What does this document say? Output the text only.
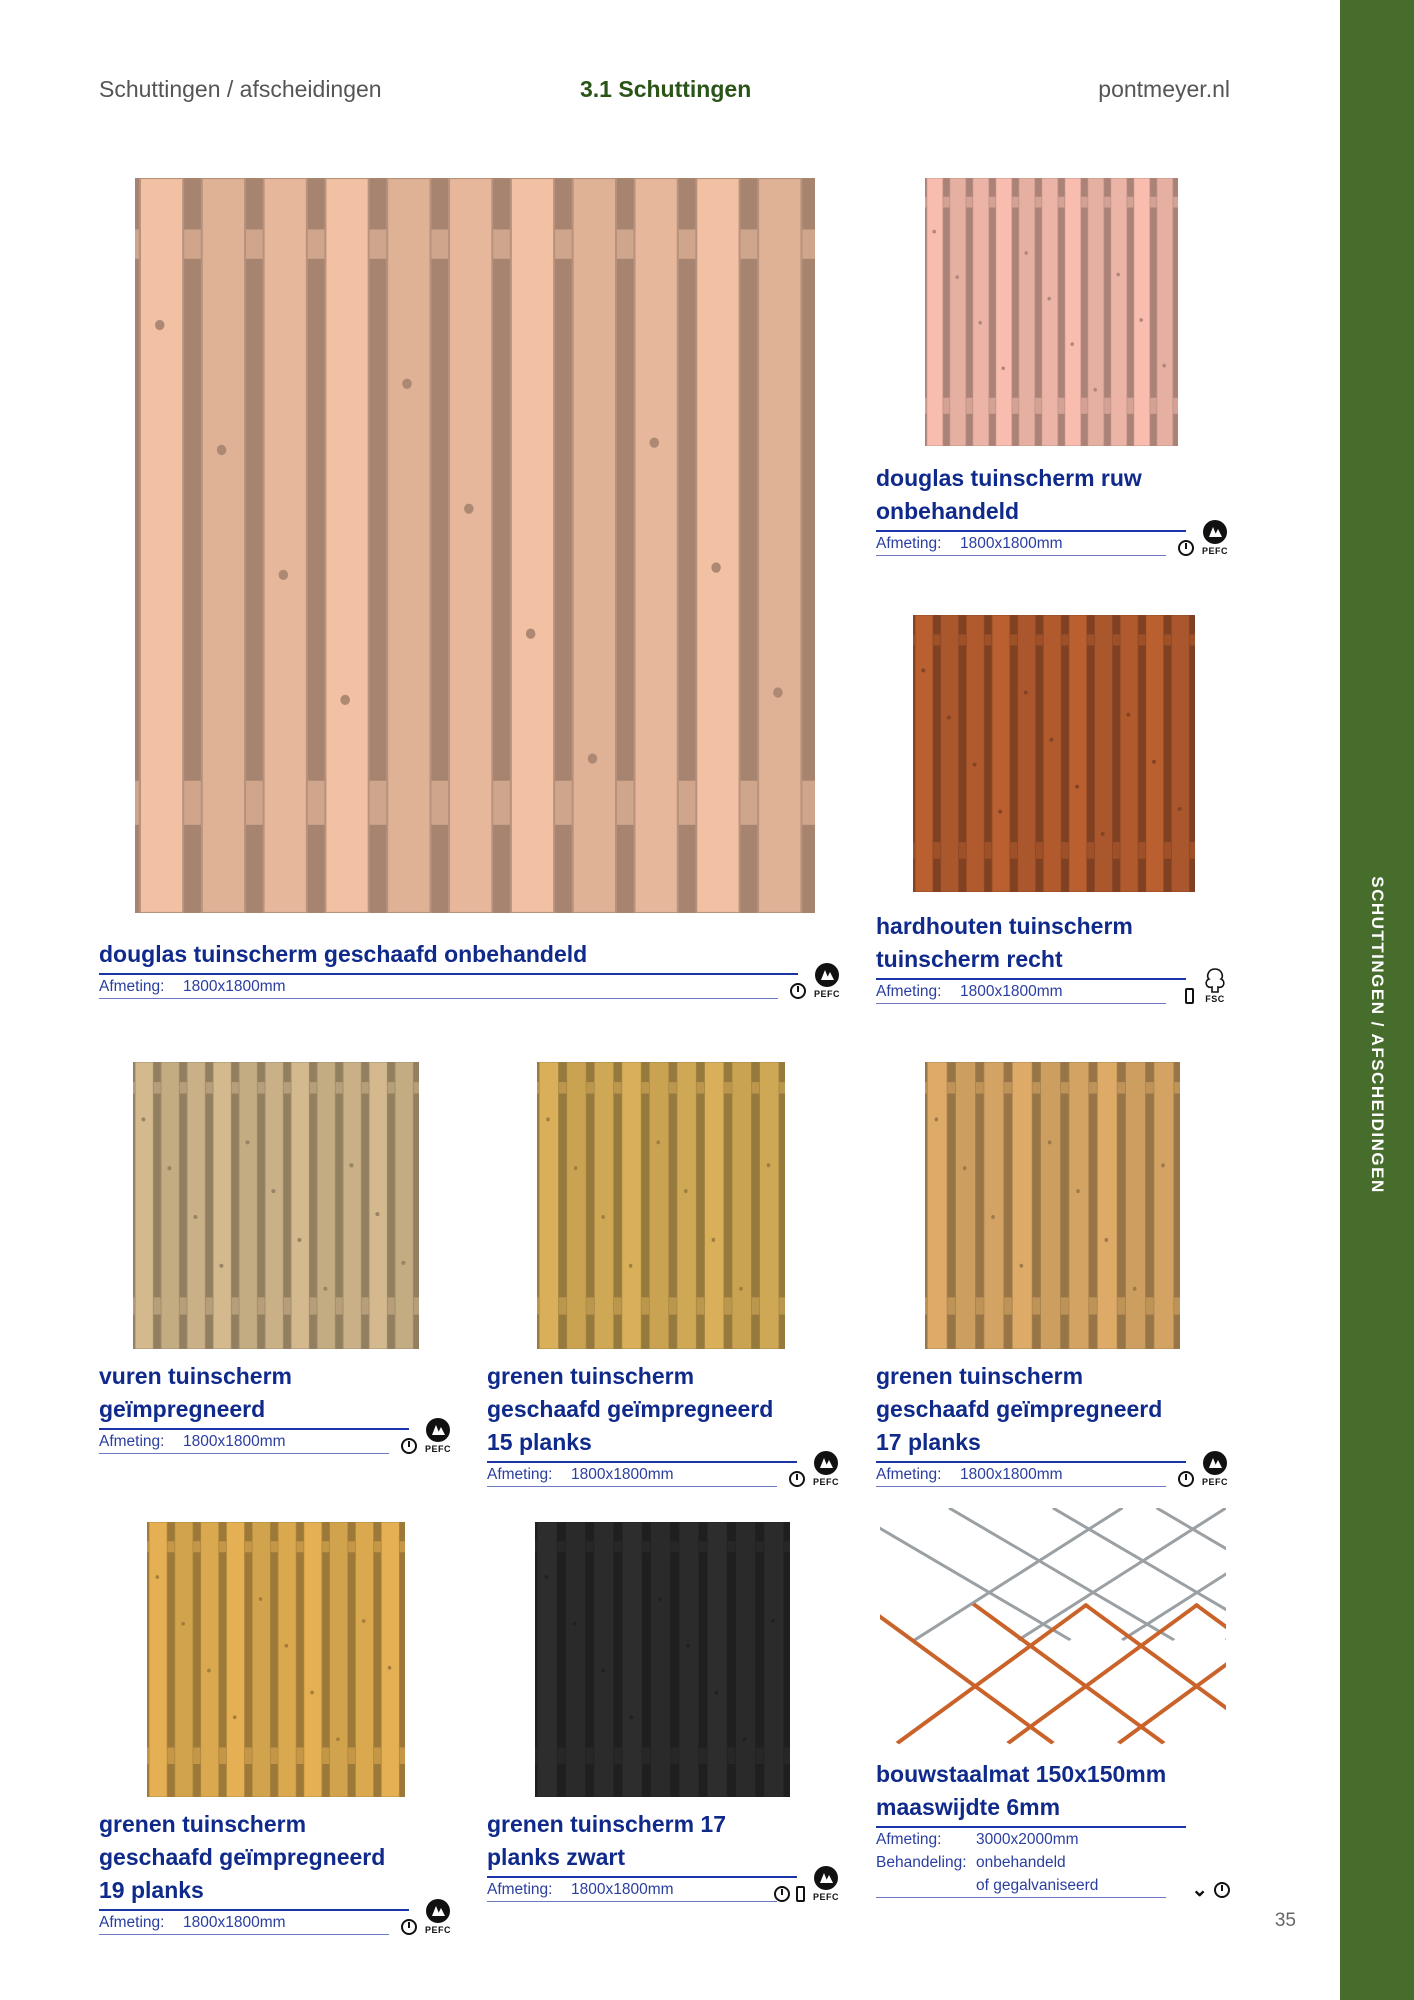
SCHUTTINGEN / AFSCHEIDINGEN
Schuttingen / afscheidingen	3.1 Schuttingen	pontmeyer.nl
35
douglas tuinscherm geschaafd onbehandeld
Afmeting:	1800x1800mm	PEFC
douglas tuinscherm ruw onbehandeld
Afmeting:	1800x1800mm	PEFC
hardhouten tuinscherm tuinscherm recht
Afmeting:	1800x1800mm	FSC
vuren tuinscherm geïmpregneerd
Afmeting:	1800x1800mm	PEFC
grenen tuinscherm geschaafd geïmpregneerd 15 planks
Afmeting:	1800x1800mm	PEFC
grenen tuinscherm geschaafd geïmpregneerd 17 planks
Afmeting:	1800x1800mm	PEFC
grenen tuinscherm geschaafd geïmpregneerd 19 planks
Afmeting:	1800x1800mm	PEFC
grenen tuinscherm 17 planks zwart
Afmeting:	1800x1800mm	PEFC
bouwstaalmat 150x150mm maaswijdte 6mm
Afmeting:	3000x2000mm
Behandeling: onbehandeld
of gegalvaniseerd	⌄
